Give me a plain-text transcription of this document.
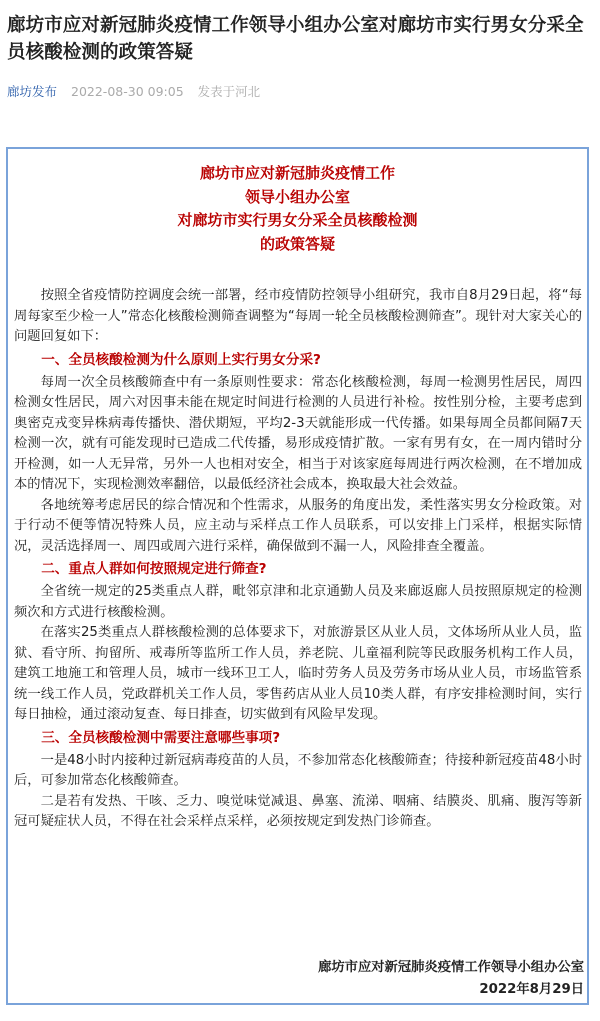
廊坊市应对新冠肺炎疫情工作领导小组办公室对廊坊市实行男女分采全员核酸检测的政策答疑
廊坊发布 2022-08-30 09:05 发表于河北
廊坊市应对新冠肺炎疫情工作
领导小组办公室
对廊坊市实行男女分采全员核酸检测
的政策答疑

按照全省疫情防控调度会统一部署，经市疫情防控领导小组研究，我市自8月29日起，将“每周每家至少检一人”常态化核酸检测筛查调整为“每周一轮全员核酸检测筛查”。现针对大家关心的问题回复如下：

一、全员核酸检测为什么原则上实行男女分采?

每周一次全员核酸筛查中有一条原则性要求：常态化核酸检测，每周一检测男性居民，周四检测女性居民，周六对因事未能在规定时间进行检测的人员进行补检。按性别分检，主要考虑到奥密克戎变异株病毒传播快、潜伏期短，平均2-3天就能形成一代传播。如果每周全员都间隔7天检测一次，就有可能发现时已造成二代传播，易形成疫情扩散。一家有男有女，在一周内错时分开检测，如一人无异常，另外一人也相对安全，相当于对该家庭每周进行两次检测，在不增加成本的情况下，实现检测效率翻倍，以最低经济社会成本，换取最大社会效益。

各地统筹考虑居民的综合情况和个性需求，从服务的角度出发，柔性落实男女分检政策。对于行动不便等情况特殊人员，应主动与采样点工作人员联系，可以安排上门采样，根据实际情况，灵活选择周一、周四或周六进行采样，确保做到不漏一人，风险排查全覆盖。

二、重点人群如何按照规定进行筛查?

全省统一规定的25类重点人群，毗邻京津和北京通勤人员及来廊返廊人员按照原规定的检测频次和方式进行核酸检测。

在落实25类重点人群核酸检测的总体要求下，对旅游景区从业人员，文体场所从业人员，监狱、看守所、拘留所、戒毒所等监所工作人员，养老院、儿童福利院等民政服务机构工作人员，建筑工地施工和管理人员，城市一线环卫工人，临时劳务人员及劳务市场从业人员，市场监管系统一线工作人员，党政群机关工作人员，零售药店从业人员10类人群，有序安排检测时间，实行每日抽检，通过滚动复查、每日排查，切实做到有风险早发现。

三、全员核酸检测中需要注意哪些事项?

一是48小时内接种过新冠病毒疫苗的人员，不参加常态化核酸筛查；待接种新冠疫苗48小时后，可参加常态化核酸筛查。

二是若有发热、干咳、乏力、嗅觉味觉减退、鼻塞、流涕、咽痛、结膜炎、肌痛、腹泻等新冠可疑症状人员，不得在社会采样点采样，必须按规定到发热门诊筛查。

廊坊市应对新冠肺炎疫情工作领导小组办公室
2022年8月29日
